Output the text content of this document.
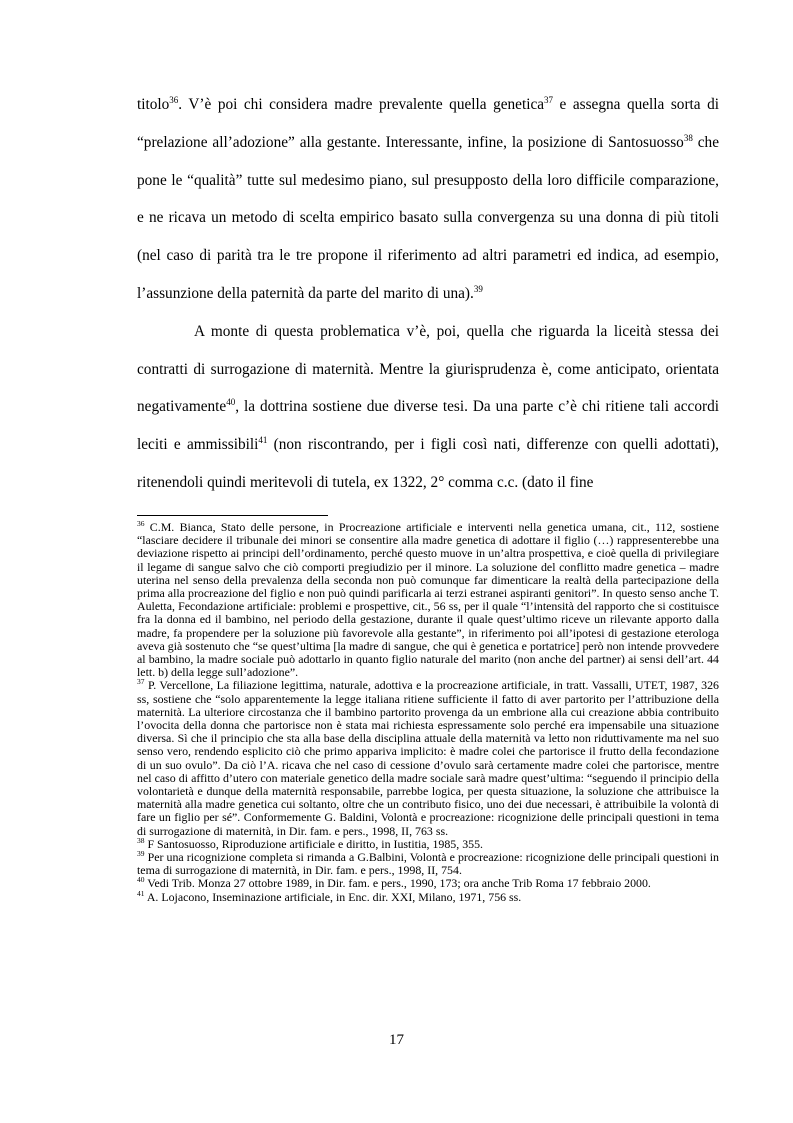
titolo$^{36}$. V’è poi chi considera madre prevalente quella genetica$^{37}$ e assegna quella sorta di “prelazione all’adozione” alla gestante. Interessante, infine, la posizione di Santosuosso$^{38}$ che pone le “qualità” tutte sul medesimo piano, sul presupposto della loro difficile comparazione, e ne ricava un metodo di scelta empirico basato sulla convergenza su una donna di più titoli (nel caso di parità tra le tre propone il riferimento ad altri parametri ed indica, ad esempio, l’assunzione della paternità da parte del marito di una).$^{39}$

A monte di questa problematica v’è, poi, quella che riguarda la liceità stessa dei contratti di surrogazione di maternità. Mentre la giurisprudenza è, come anticipato, orientata negativamente$^{40}$, la dottrina sostiene due diverse tesi. Da una parte c’è chi ritiene tali accordi leciti e ammissibili$^{41}$ (non riscontrando, per i figli così nati, differenze con quelli adottati), ritenendoli quindi meritevoli di tutela, ex 1322, 2° comma c.c. (dato il fine

$^{36}$ C.M. Bianca, Stato delle persone, in Procreazione artificiale e interventi nella genetica umana, cit., 112, sostiene “lasciare decidere il tribunale dei minori se consentire alla madre genetica di adottare il figlio (…) rappresenterebbe una deviazione rispetto ai principi dell’ordinamento, perché questo muove in un’altra prospettiva, e cioè quella di privilegiare il legame di sangue salvo che ciò comporti pregiudizio per il minore. La soluzione del conflitto madre genetica – madre uterina nel senso della prevalenza della seconda non può comunque far dimenticare la realtà della partecipazione della prima alla procreazione del figlio e non può quindi parificarla ai terzi estranei aspiranti genitori”. In questo senso anche T. Auletta, Fecondazione artificiale: problemi e prospettive, cit., 56 ss, per il quale “l’intensità del rapporto che si costituisce fra la donna ed il bambino, nel periodo della gestazione, durante il quale quest’ultimo riceve un rilevante apporto dalla madre, fa propendere per la soluzione più favorevole alla gestante”, in riferimento poi all’ipotesi di gestazione eterologa aveva già sostenuto che “se quest’ultima [la madre di sangue, che qui è genetica e portatrice] però non intende provvedere al bambino, la madre sociale può adottarlo in quanto figlio naturale del marito (non anche del partner) ai sensi dell’art. 44 lett. b) della legge sull’adozione”.

$^{37}$ P. Vercellone, La filiazione legittima, naturale, adottiva e la procreazione artificiale, in tratt. Vassalli, UTET, 1987, 326 ss, sostiene che “solo apparentemente la legge italiana ritiene sufficiente il fatto di aver partorito per l’attribuzione della maternità. La ulteriore circostanza che il bambino partorito provenga da un embrione alla cui creazione abbia contribuito l’ovocita della donna che partorisce non è stata mai richiesta espressamente solo perché era impensabile una situazione diversa. Sì che il principio che sta alla base della disciplina attuale della maternità va letto non riduttivamente ma nel suo senso vero, rendendo esplicito ciò che primo appariva implicito: è madre colei che partorisce il frutto della fecondazione di un suo ovulo”. Da ciò l’A. ricava che nel caso di cessione d’ovulo sarà certamente madre colei che partorisce, mentre nel caso di affitto d’utero con materiale genetico della madre sociale sarà madre quest’ultima: “seguendo il principio della volontarietà e dunque della maternità responsabile, parrebbe logica, per questa situazione, la soluzione che attribuisce la maternità alla madre genetica cui soltanto, oltre che un contributo fisico, uno dei due necessari, è attribuibile la volontà di fare un figlio per sé”. Conformemente G. Baldini, Volontà e procreazione: ricognizione delle principali questioni in tema di surrogazione di maternità, in Dir. fam. e pers., 1998, II, 763 ss.

$^{38}$ F Santosuosso, Riproduzione artificiale e diritto, in Iustitia, 1985, 355.

$^{39}$ Per una ricognizione completa si rimanda a G.Balbini, Volontà e procreazione: ricognizione delle principali questioni in tema di surrogazione di maternità, in Dir. fam. e pers., 1998, II, 754.

$^{40}$ Vedi Trib. Monza 27 ottobre 1989, in Dir. fam. e pers., 1990, 173; ora anche Trib Roma 17 febbraio 2000.

$^{41}$ A. Lojacono, Inseminazione artificiale, in Enc. dir. XXI, Milano, 1971, 756 ss.

17
